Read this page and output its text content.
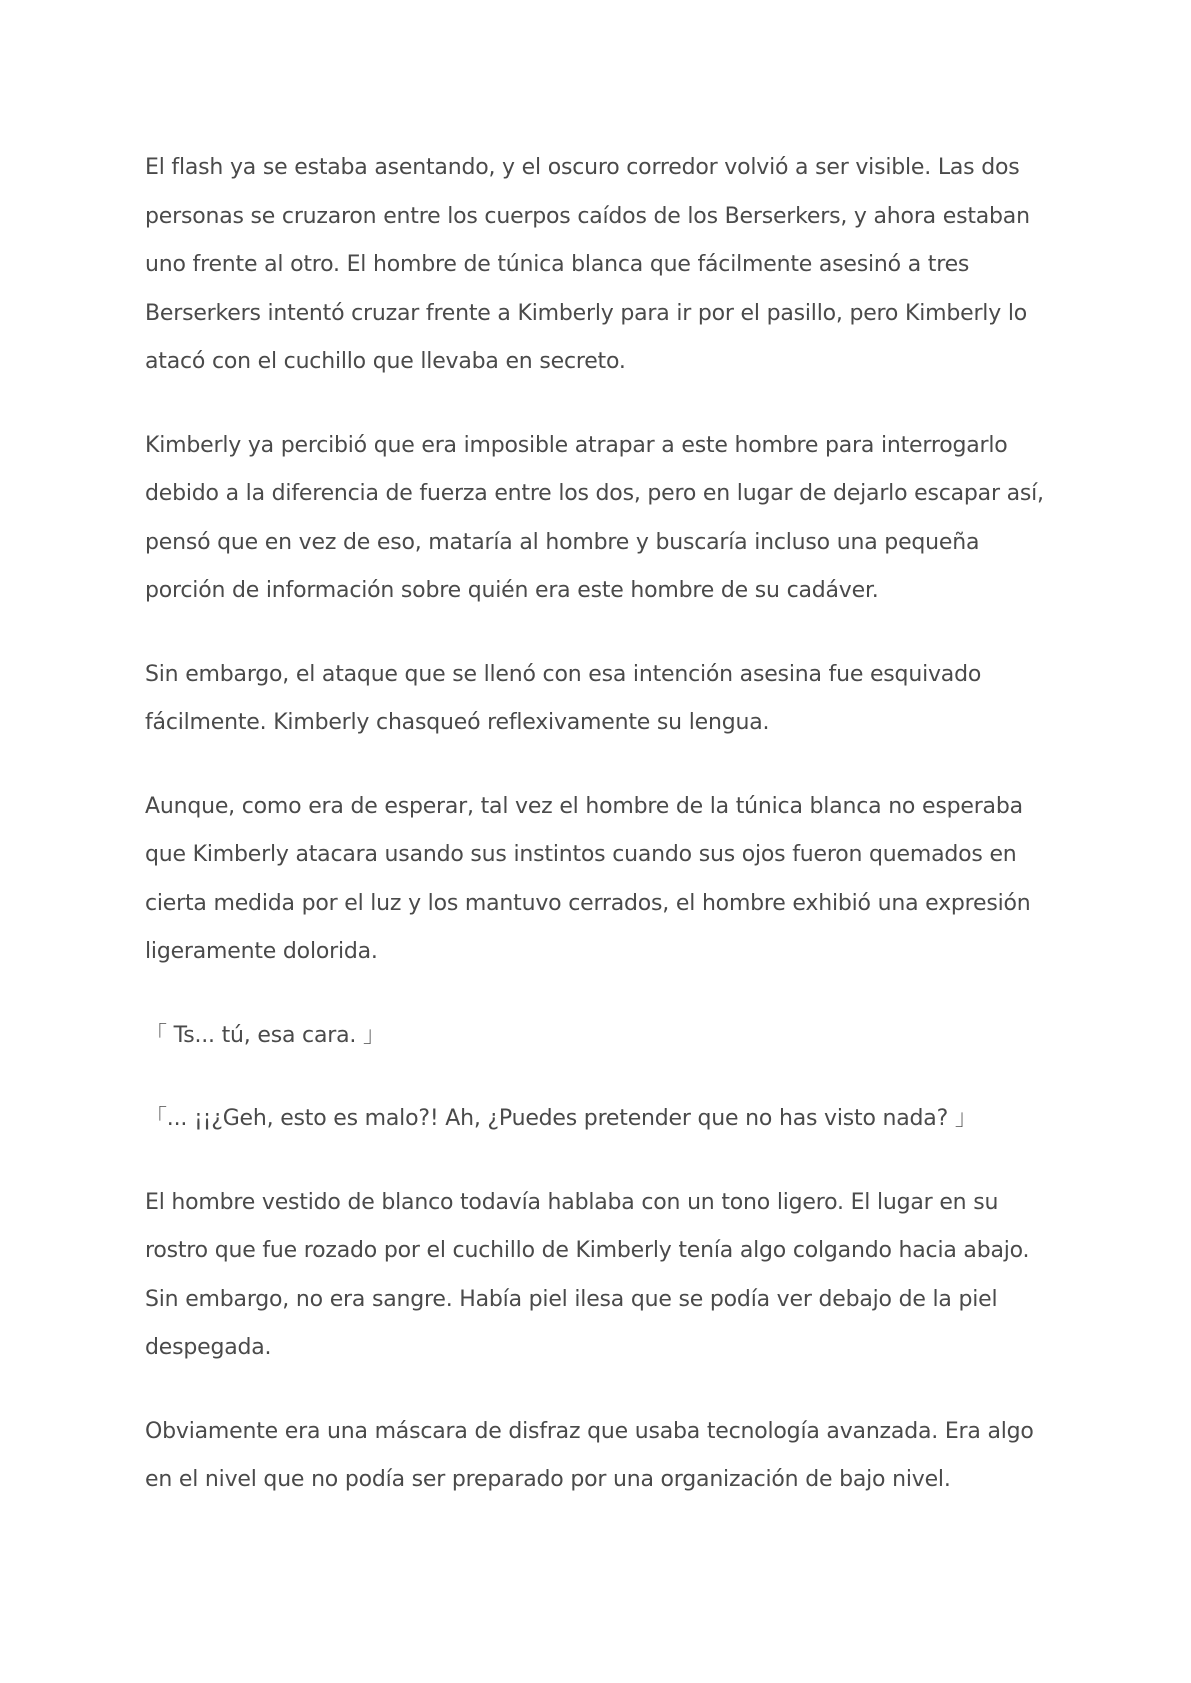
El flash ya se estaba asentando, y el oscuro corredor volvió a ser visible. Las dos personas se cruzaron entre los cuerpos caídos de los Berserkers, y ahora estaban uno frente al otro. El hombre de túnica blanca que fácilmente asesinó a tres Berserkers intentó cruzar frente a Kimberly para ir por el pasillo, pero Kimberly lo atacó con el cuchillo que llevaba en secreto.

Kimberly ya percibió que era imposible atrapar a este hombre para interrogarlo debido a la diferencia de fuerza entre los dos, pero en lugar de dejarlo escapar así, pensó que en vez de eso, mataría al hombre y buscaría incluso una pequeña porción de información sobre quién era este hombre de su cadáver.

Sin embargo, el ataque que se llenó con esa intención asesina fue esquivado fácilmente. Kimberly chasqueó reflexivamente su lengua.

Aunque, como era de esperar, tal vez el hombre de la túnica blanca no esperaba que Kimberly atacara usando sus instintos cuando sus ojos fueron quemados en cierta medida por el luz y los mantuvo cerrados, el hombre exhibió una expresión ligeramente dolorida.

「 Ts... tú, esa cara. 」

「... ¡¡¿Geh, esto es malo?! Ah, ¿Puedes pretender que no has visto nada? 」

El hombre vestido de blanco todavía hablaba con un tono ligero. El lugar en su rostro que fue rozado por el cuchillo de Kimberly tenía algo colgando hacia abajo. Sin embargo, no era sangre. Había piel ilesa que se podía ver debajo de la piel despegada.

Obviamente era una máscara de disfraz que usaba tecnología avanzada. Era algo en el nivel que no podía ser preparado por una organización de bajo nivel.
